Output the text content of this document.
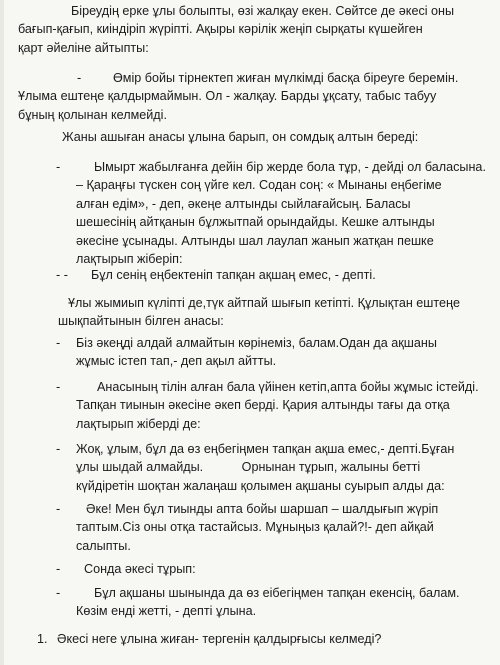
Біреудің ерке ұлы болыпты, өзі жалқау екен. Сөйтсе де әкесі оны
бағып-қағып, киіндіріп жүріпті. Ақыры кәрілік жеңіп сырқаты күшейген
қарт әйеліне айтыпты:
-	Өмір бойы тірнектеп жиған мүлкімді басқа біреуге беремін.
Ұлыма ештеңе қалдырмаймын. Ол - жалқау. Барды ұқсату, табыс табуу
бұның қолынан келмейді.
Жаны ашыған анасы ұлына барып, он сомдық алтын береді:
-	Ымырт жабылғанға дейін бір жерде бола тұр, - дейді ол баласына.
– Қараңғы түскен соң үйге кел. Содан соң: « Мынаны еңбегіме
алған едім», - деп, әкеңе алтынды сыйлағайсың. Баласы
шешесінің айтқанын бұлжытпай орындайды. Кешке алтынды
әкесіне ұсынады. Алтынды шал лаулап жанып жатқан пешке
лақтырып жіберіп:
- -	Бұл сенің еңбектеніп тапқан ақшаң емес, - депті.
Ұлы жымиып күліпті де,түк айтпай шығып кетіпті. Құлықтан ештеңе
шықпайтынын білген анасы:
-	Біз әкеңді алдай алмайтын көрінеміз, балам.Одан да ақшаны
жұмыс істеп тап,- деп ақыл айтты.
-	Анасының тілін алған бала үйінен кетіп,апта бойы жұмыс істейді.
Тапқан тиынын әкесіне әкеп берді. Қария алтынды тағы да отқа
лақтырып жіберді де:
-	Жоқ, ұлым, бұл да өз еңбегіңмен тапқан ақша емес,- депті.Бұған
ұлы шыдай алмайды.           Орнынан тұрып, жалыны бетті
күйдіретін шоқтан жалаңаш қолымен ақшаны суырып алды да:
-	Әке! Мен бұл тиынды апта бойы шаршап – шалдығып жүріп
таптым.Сіз оны отқа тастайсыз. Мұныңыз қалай?!- деп айқай
салыпты.
-	Сонда әкесі тұрып:
-	Бұл ақшаны шынында да өз еібегіңмен тапқан екенсің, балам.
Көзім енді жетті, - депті ұлына.
1. Әкесі неге ұлына жиған- тергенін қалдырғысы келмеді?
